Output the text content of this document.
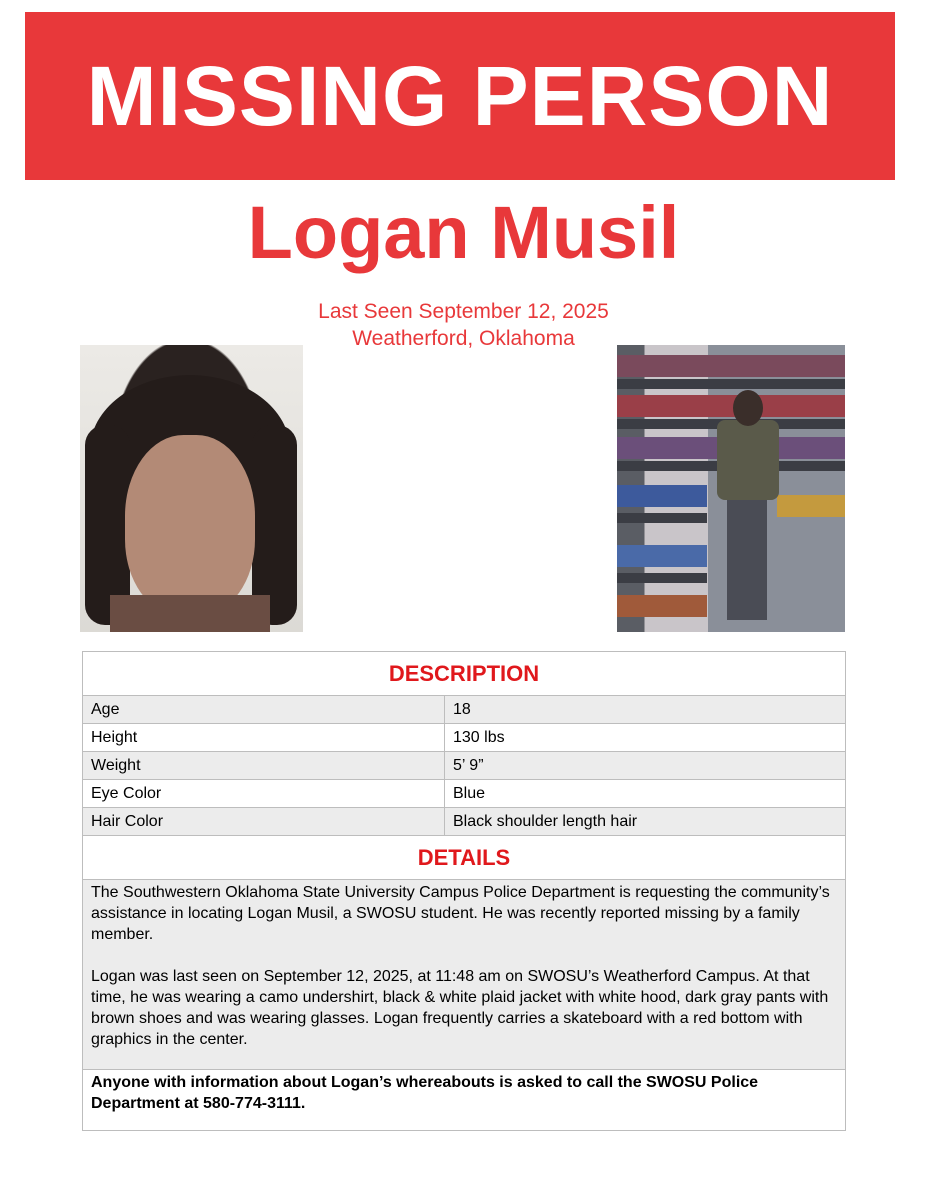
MISSING PERSON
Logan Musil
Last Seen September 12, 2025
Weatherford, Oklahoma
DESCRIPTION
Age	18
Height	130 lbs
Weight	5’ 9”
Eye Color	Blue
Hair Color	Black shoulder length hair
DETAILS

The Southwestern Oklahoma State University Campus Police Department is requesting the community’s assistance in locating Logan Musil, a SWOSU student. He was recently reported missing by a family member.

Logan was last seen on September 12, 2025, at 11:48 am on SWOSU’s Weatherford Campus. At that time, he was wearing a camo undershirt, black & white plaid jacket with white hood, dark gray pants with brown shoes and was wearing glasses. Logan frequently carries a skateboard with a red bottom with graphics in the center.

Anyone with information about Logan’s whereabouts is asked to call the SWOSU Police Department at 580-774-3111.
